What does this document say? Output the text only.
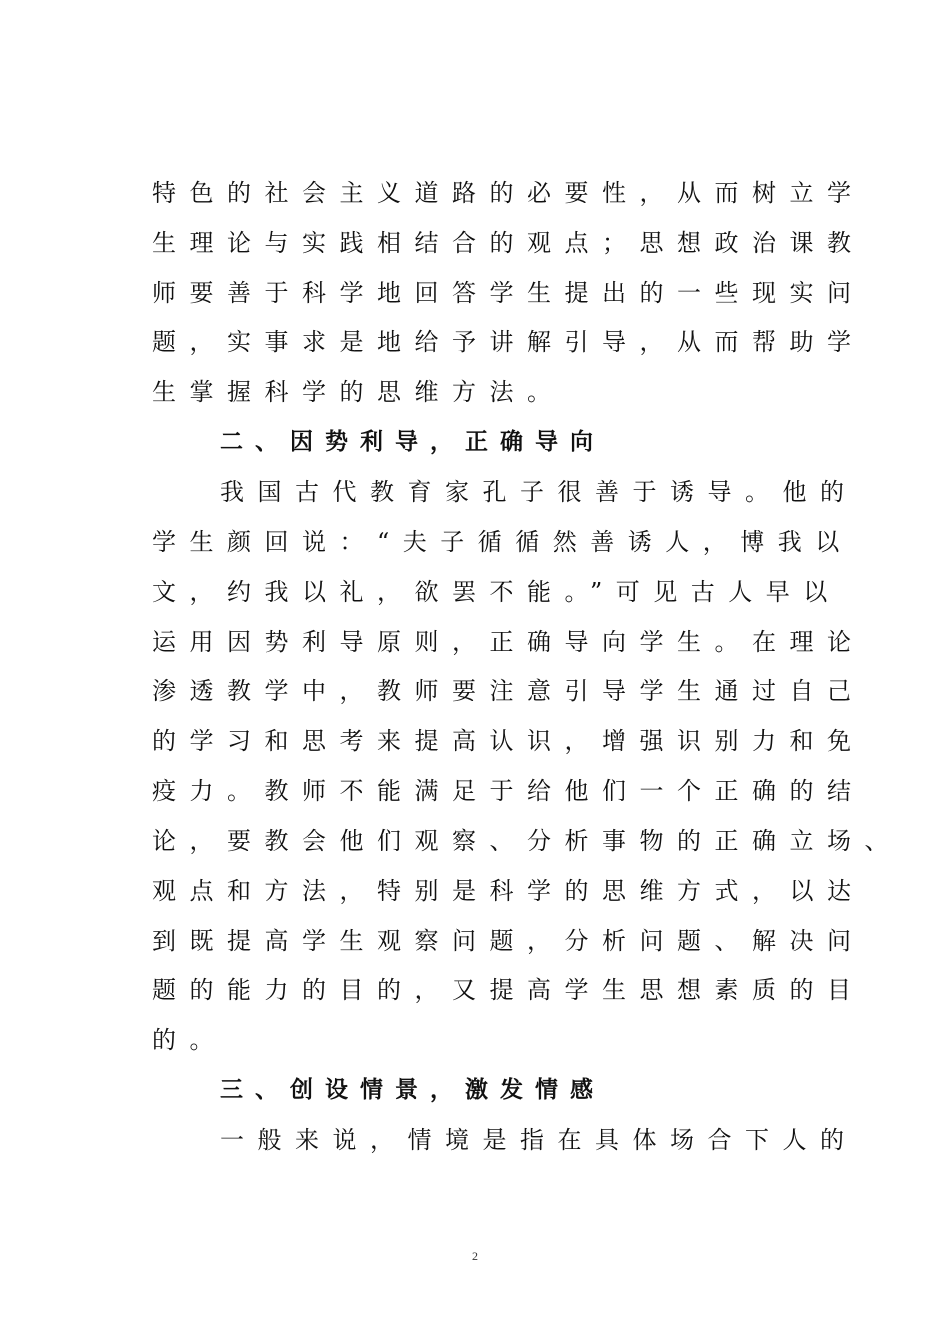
特色的社会主义道路的必要性，从而树立学
生理论与实践相结合的观点；思想政治课教
师要善于科学地回答学生提出的一些现实问
题，实事求是地给予讲解引导，从而帮助学
生掌握科学的思维方法。
二、因势利导，正确导向
我国古代教育家孔子很善于诱导。他的
学生颜回说：“夫子循循然善诱人，博我以
文，约我以礼，欲罢不能。”可见古人早以
运用因势利导原则，正确导向学生。在理论
渗透教学中，教师要注意引导学生通过自己
的学习和思考来提高认识，增强识别力和免
疫力。教师不能满足于给他们一个正确的结
论，要教会他们观察、分析事物的正确立场、
观点和方法，特别是科学的思维方式，以达
到既提高学生观察问题，分析问题、解决问
题的能力的目的，又提高学生思想素质的目
的。
三、创设情景，激发情感
一般来说，情境是指在具体场合下人的
2
